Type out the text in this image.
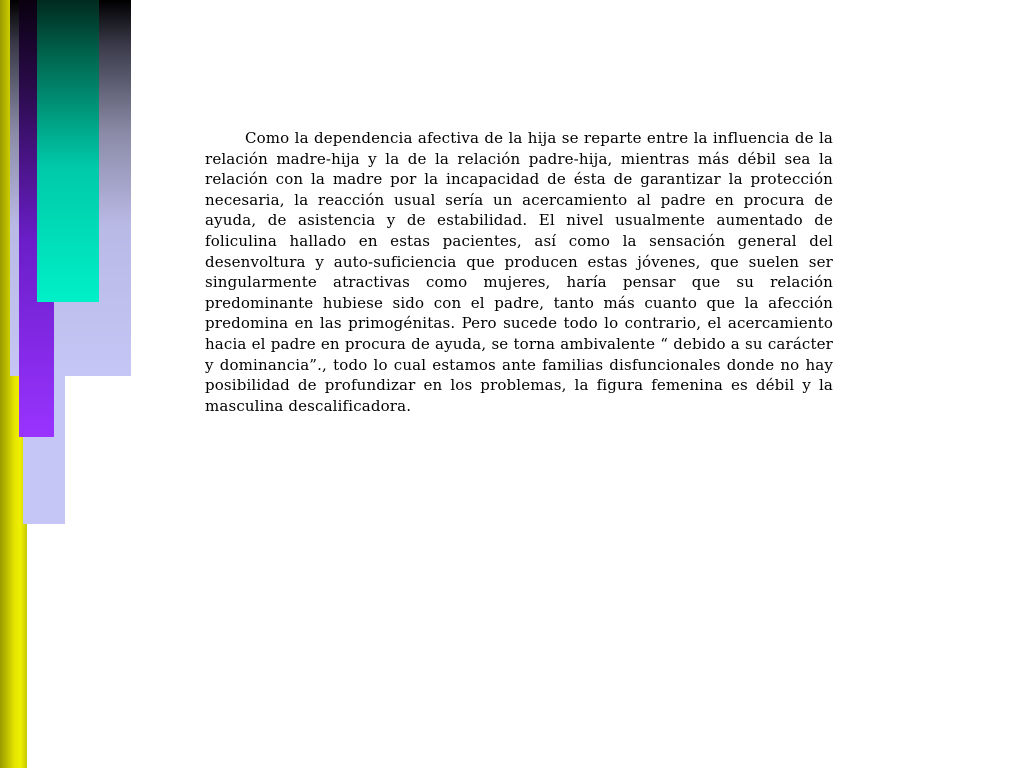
Como la dependencia afectiva de la hija se reparte entre la influencia de la relación madre-hija y la de la relación padre-hija, mientras más débil sea la relación con la madre por la incapacidad de ésta de garantizar la protección necesaria, la reacción usual sería un acercamiento al padre en procura de ayuda, de asistencia y de estabilidad. El nivel usualmente aumentado de foliculina hallado en estas pacientes, así como la sensación general del desenvoltura y auto-suficiencia que producen estas jóvenes, que suelen ser singularmente atractivas como mujeres, haría pensar que su relación predominante hubiese sido con el padre, tanto más cuanto que la afección predomina en las primogénitas. Pero sucede todo lo contrario, el acercamiento hacia el padre en procura de ayuda, se torna ambivalente “ debido a su carácter y dominancia”., todo lo cual estamos ante familias disfuncionales donde no hay posibilidad de profundizar en los problemas, la figura femenina es débil y la masculina descalificadora.
